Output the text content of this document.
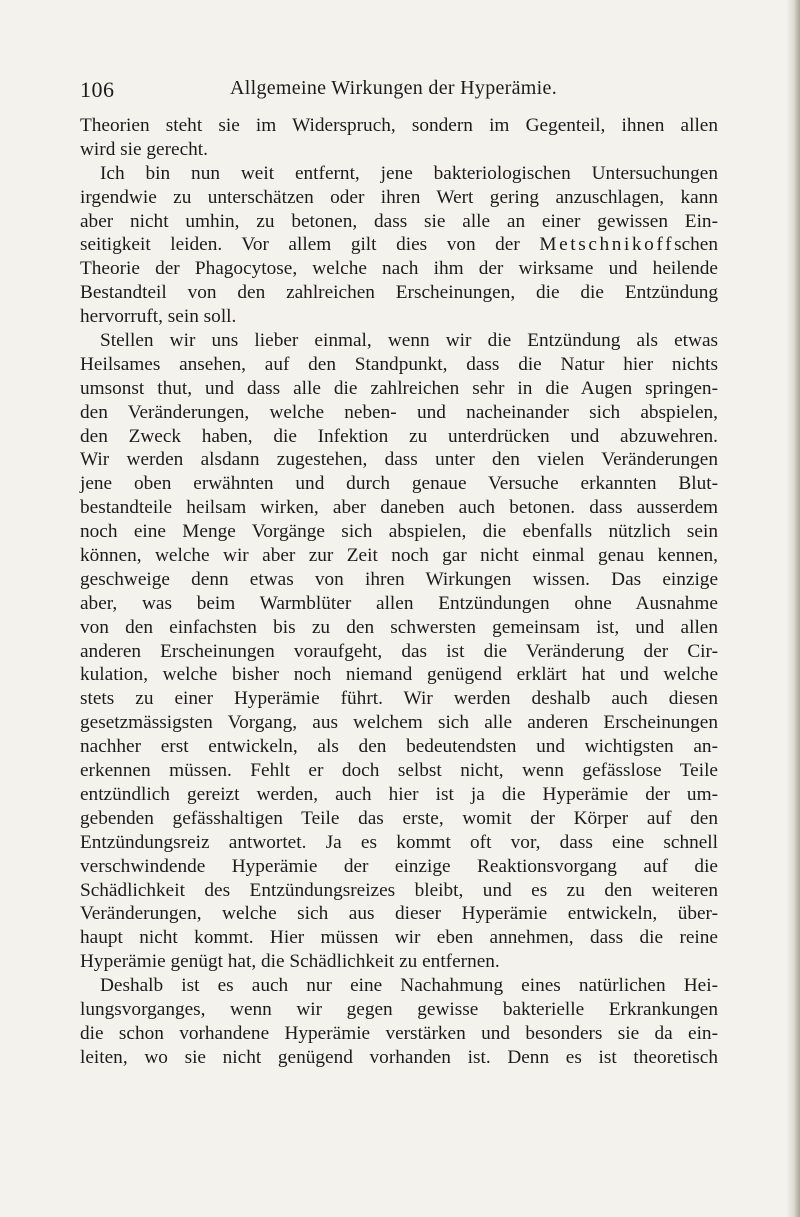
106	Allgemeine Wirkungen der Hyperämie.
Theorien steht sie im Widerspruch, sondern im Gegenteil, ihnen allen
wird sie gerecht.
Ich bin nun weit entfernt, jene bakteriologischen Untersuchungen
irgendwie zu unterschätzen oder ihren Wert gering anzuschlagen, kann
aber nicht umhin, zu betonen, dass sie alle an einer gewissen Ein-
seitigkeit leiden. Vor allem gilt dies von der Metschnikoffschen
Theorie der Phagocytose, welche nach ihm der wirksame und heilende
Bestandteil von den zahlreichen Erscheinungen, die die Entzündung
hervorruft, sein soll.
Stellen wir uns lieber einmal, wenn wir die Entzündung als etwas
Heilsames ansehen, auf den Standpunkt, dass die Natur hier nichts
umsonst thut, und dass alle die zahlreichen sehr in die Augen springen-
den Veränderungen, welche neben- und nacheinander sich abspielen,
den Zweck haben, die Infektion zu unterdrücken und abzuwehren.
Wir werden alsdann zugestehen, dass unter den vielen Veränderungen
jene oben erwähnten und durch genaue Versuche erkannten Blut-
bestandteile heilsam wirken, aber daneben auch betonen. dass ausserdem
noch eine Menge Vorgänge sich abspielen, die ebenfalls nützlich sein
können, welche wir aber zur Zeit noch gar nicht einmal genau kennen,
geschweige denn etwas von ihren Wirkungen wissen. Das einzige
aber, was beim Warmblüter allen Entzündungen ohne Ausnahme
von den einfachsten bis zu den schwersten gemeinsam ist, und allen
anderen Erscheinungen voraufgeht, das ist die Veränderung der Cir-
kulation, welche bisher noch niemand genügend erklärt hat und welche
stets zu einer Hyperämie führt. Wir werden deshalb auch diesen
gesetzmässigsten Vorgang, aus welchem sich alle anderen Erscheinungen
nachher erst entwickeln, als den bedeutendsten und wichtigsten an-
erkennen müssen. Fehlt er doch selbst nicht, wenn gefässlose Teile
entzündlich gereizt werden, auch hier ist ja die Hyperämie der um-
gebenden gefässhaltigen Teile das erste, womit der Körper auf den
Entzündungsreiz antwortet. Ja es kommt oft vor, dass eine schnell
verschwindende Hyperämie der einzige Reaktionsvorgang auf die
Schädlichkeit des Entzündungsreizes bleibt, und es zu den weiteren
Veränderungen, welche sich aus dieser Hyperämie entwickeln, über-
haupt nicht kommt. Hier müssen wir eben annehmen, dass die reine
Hyperämie genügt hat, die Schädlichkeit zu entfernen.
Deshalb ist es auch nur eine Nachahmung eines natürlichen Hei-
lungsvorganges, wenn wir gegen gewisse bakterielle Erkrankungen
die schon vorhandene Hyperämie verstärken und besonders sie da ein-
leiten, wo sie nicht genügend vorhanden ist. Denn es ist theoretisch
